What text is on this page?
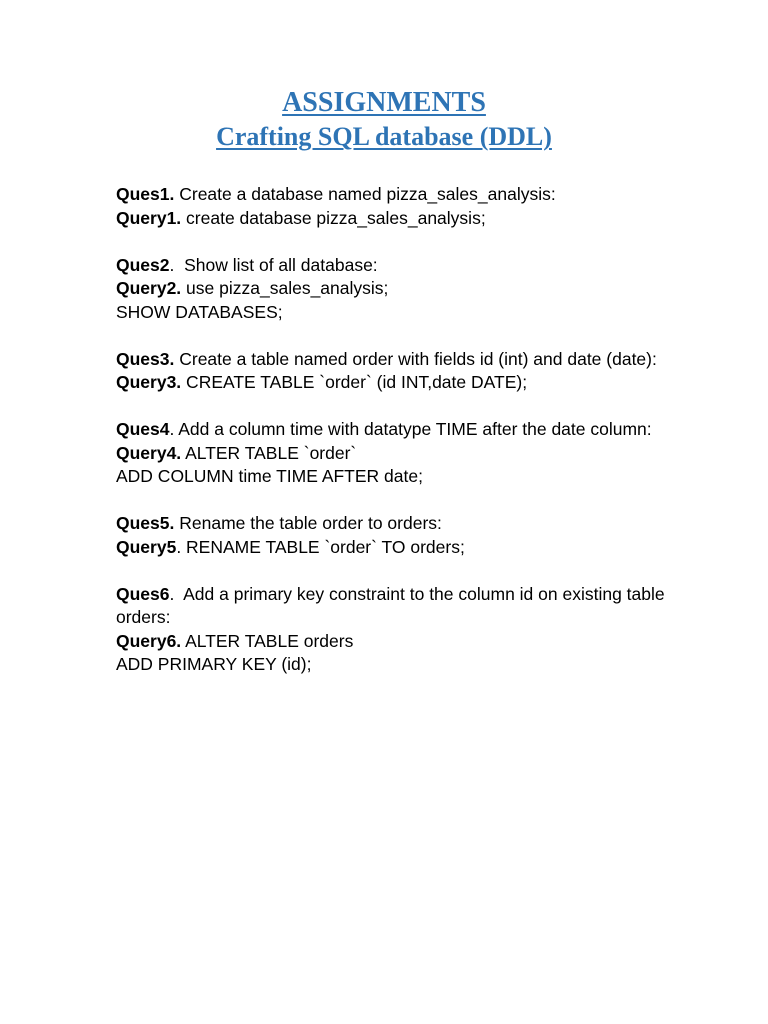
ASSIGNMENTS
Crafting SQL database (DDL)
Ques1. Create a database named pizza_sales_analysis:
Query1. create database pizza_sales_analysis;
Ques2.  Show list of all database:
Query2. use pizza_sales_analysis;
SHOW DATABASES;
Ques3. Create a table named order with fields id (int) and date (date):
Query3. CREATE TABLE `order` (id INT,date DATE);
Ques4. Add a column time with datatype TIME after the date column:
Query4. ALTER TABLE `order`
ADD COLUMN time TIME AFTER date;
Ques5. Rename the table order to orders:
Query5. RENAME TABLE `order` TO orders;
Ques6.  Add a primary key constraint to the column id on existing table orders:
Query6. ALTER TABLE orders
ADD PRIMARY KEY (id);
